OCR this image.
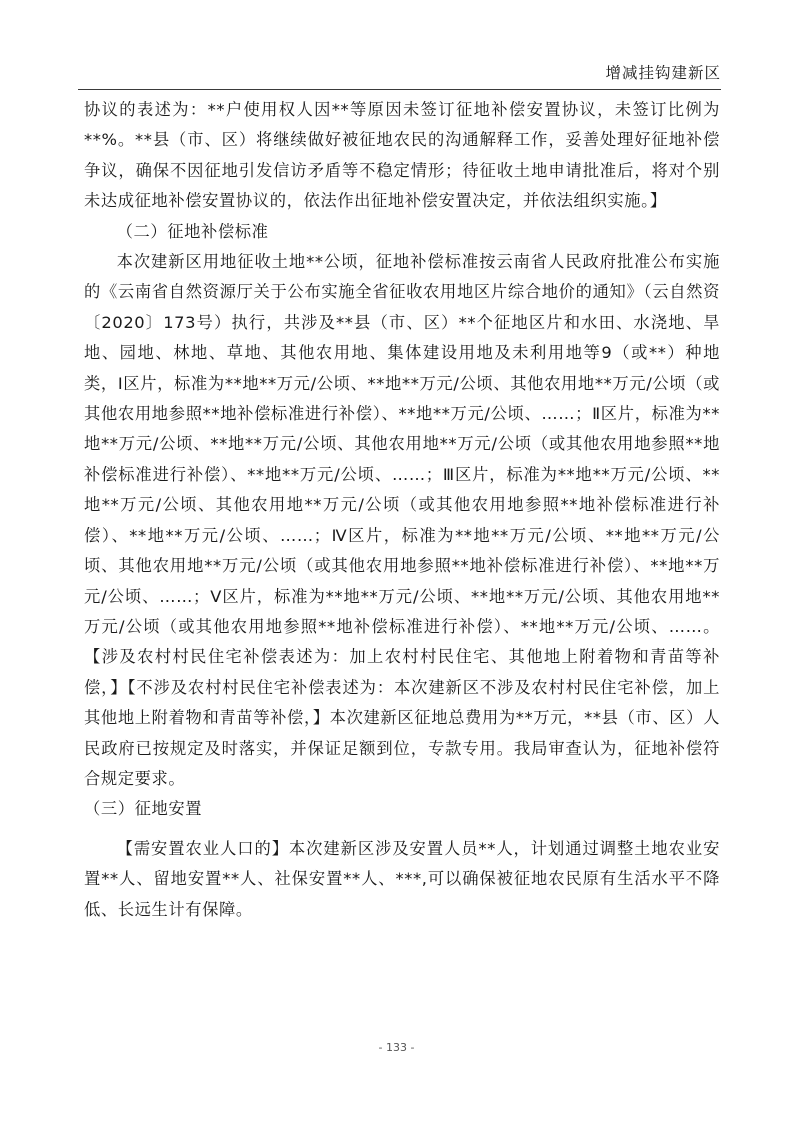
增减挂钩建新区

协议的表述为：**户使用权人因**等原因未签订征地补偿安置协议，未签订比例为**%。**县（市、区）将继续做好被征地农民的沟通解释工作，妥善处理好征地补偿争议，确保不因征地引发信访矛盾等不稳定情形；待征收土地申请批准后，将对个别未达成征地补偿安置协议的，依法作出征地补偿安置决定，并依法组织实施。】

（二）征地补偿标准

本次建新区用地征收土地**公顷，征地补偿标准按云南省人民政府批准公布实施的《云南省自然资源厅关于公布实施全省征收农用地区片综合地价的通知》（云自然资〔2020〕173号）执行，共涉及**县（市、区）**个征地区片和水田、水浇地、旱地、园地、林地、草地、其他农用地、集体建设用地及未利用地等9（或**）种地类，Ⅰ区片，标准为**地**万元/公顷、**地**万元/公顷、其他农用地**万元/公顷（或其他农用地参照**地补偿标准进行补偿）、**地**万元/公顷、……；Ⅱ区片，标准为**地**万元/公顷、**地**万元/公顷、其他农用地**万元/公顷（或其他农用地参照**地补偿标准进行补偿）、**地**万元/公顷、……；Ⅲ区片，标准为**地**万元/公顷、**地**万元/公顷、其他农用地**万元/公顷（或其他农用地参照**地补偿标准进行补偿）、**地**万元/公顷、……；Ⅳ区片，标准为**地**万元/公顷、**地**万元/公顷、其他农用地**万元/公顷（或其他农用地参照**地补偿标准进行补偿）、**地**万元/公顷、……；Ⅴ区片，标准为**地**万元/公顷、**地**万元/公顷、其他农用地**万元/公顷（或其他农用地参照**地补偿标准进行补偿）、**地**万元/公顷、……。【涉及农村村民住宅补偿表述为：加上农村村民住宅、其他地上附着物和青苗等补偿，】【不涉及农村村民住宅补偿表述为：本次建新区不涉及农村村民住宅补偿，加上其他地上附着物和青苗等补偿，】本次建新区征地总费用为**万元，**县（市、区）人民政府已按规定及时落实，并保证足额到位，专款专用。我局审查认为，征地补偿符合规定要求。

（三）征地安置

【需安置农业人口的】本次建新区涉及安置人员**人，计划通过调整土地农业安置**人、留地安置**人、社保安置**人、***,可以确保被征地农民原有生活水平不降低、长远生计有保障。

- 133 -
